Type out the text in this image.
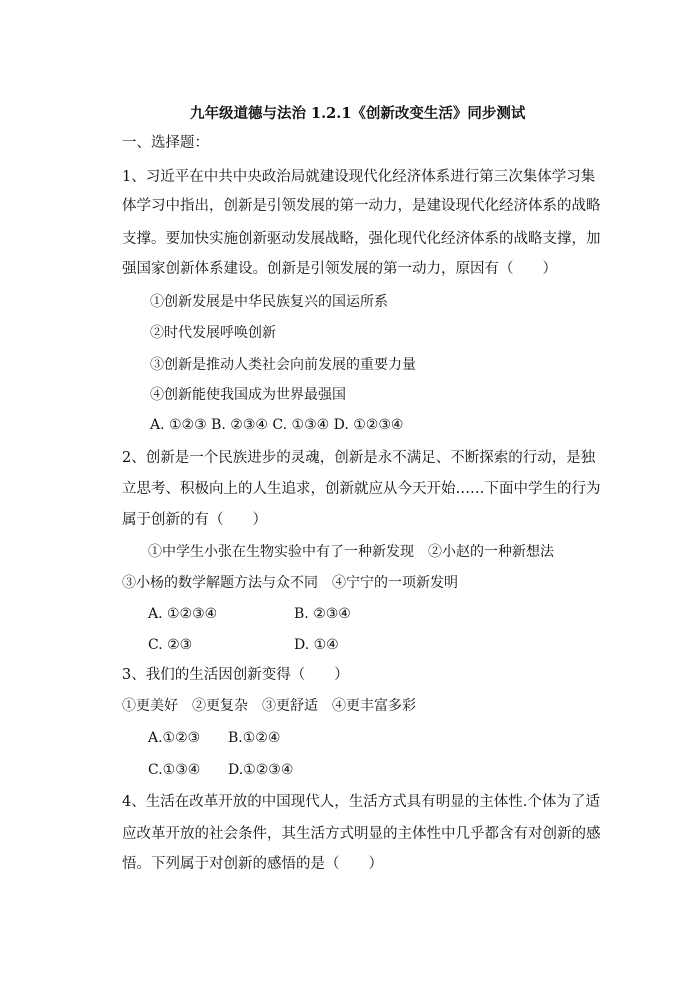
九年级道德与法治 1.2.1《创新改变生活》同步测试
一、选择题：
1、习近平在中共中央政治局就建设现代化经济体系进行第三次集体学习集
体学习中指出，创新是引领发展的第一动力，是建设现代化经济体系的战略
支撑。要加快实施创新驱动发展战略，强化现代化经济体系的战略支撑，加
强国家创新体系建设。创新是引领发展的第一动力，原因有（　　）
①创新发展是中华民族复兴的国运所系
②时代发展呼唤创新
③创新是推动人类社会向前发展的重要力量
④创新能使我国成为世界最强国
A. ①②③ B. ②③④ C. ①③④ D. ①②③④
2、创新是一个民族进步的灵魂，创新是永不满足、不断探索的行动，是独
立思考、积极向上的人生追求，创新就应从今天开始……下面中学生的行为
属于创新的有（　　）
①中学生小张在生物实验中有了一种新发现　②小赵的一种新想法
③小杨的数学解题方法与众不同　④宁宁的一项新发明
A. ①②③④	B. ②③④
C. ②③	D. ①④
3、我们的生活因创新变得（　　）
①更美好　②更复杂　③更舒适　④更丰富多彩
A.①②③ B.①②④
C.①③④ D.①②③④
4、生活在改革开放的中国现代人，生活方式具有明显的主体性.个体为了适
应改革开放的社会条件，其生活方式明显的主体性中几乎都含有对创新的感
悟。下列属于对创新的感悟的是（　　）
